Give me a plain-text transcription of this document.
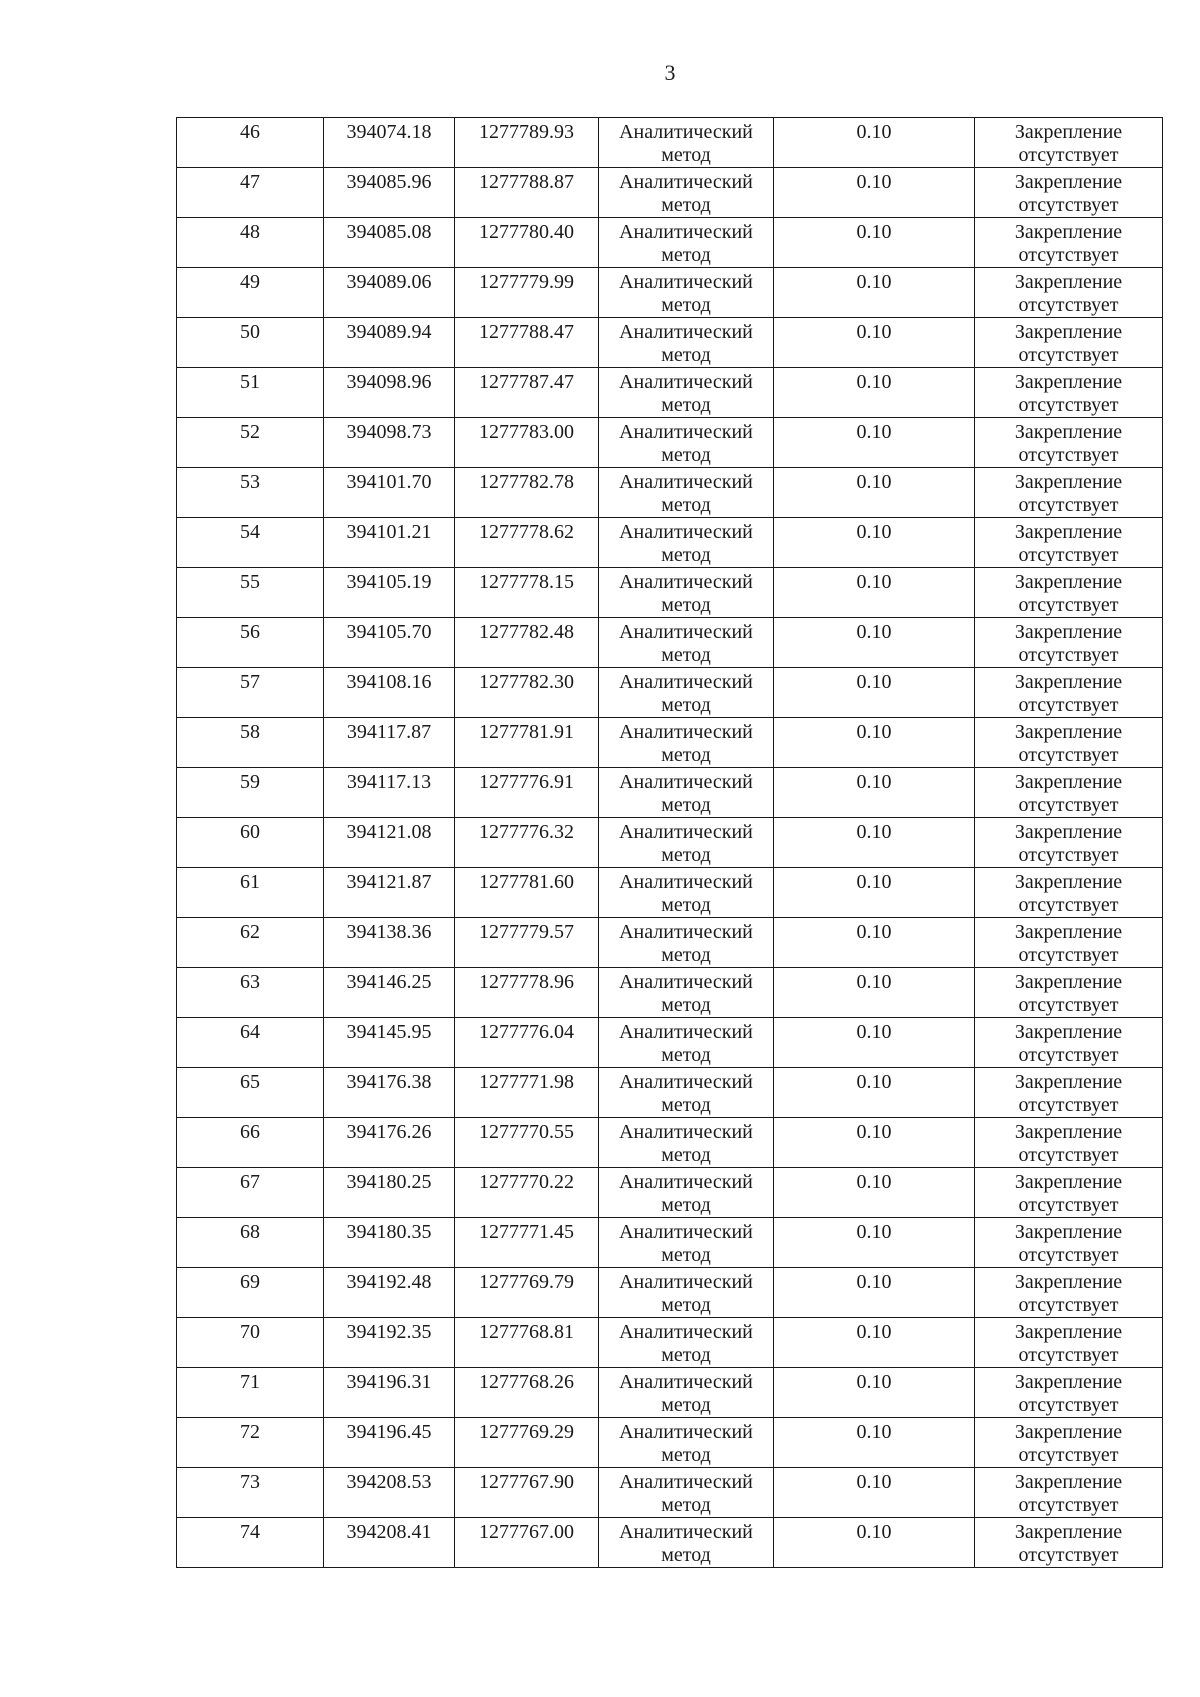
3
46	394074.18	1277789.93	Аналитический
метод	0.10	Закрепление
отсутствует

47	394085.96	1277788.87	Аналитический
метод	0.10	Закрепление
отсутствует

48	394085.08	1277780.40	Аналитический
метод	0.10	Закрепление
отсутствует

49	394089.06	1277779.99	Аналитический
метод	0.10	Закрепление
отсутствует

50	394089.94	1277788.47	Аналитический
метод	0.10	Закрепление
отсутствует

51	394098.96	1277787.47	Аналитический
метод	0.10	Закрепление
отсутствует

52	394098.73	1277783.00	Аналитический
метод	0.10	Закрепление
отсутствует

53	394101.70	1277782.78	Аналитический
метод	0.10	Закрепление
отсутствует

54	394101.21	1277778.62	Аналитический
метод	0.10	Закрепление
отсутствует

55	394105.19	1277778.15	Аналитический
метод	0.10	Закрепление
отсутствует

56	394105.70	1277782.48	Аналитический
метод	0.10	Закрепление
отсутствует

57	394108.16	1277782.30	Аналитический
метод	0.10	Закрепление
отсутствует

58	394117.87	1277781.91	Аналитический
метод	0.10	Закрепление
отсутствует

59	394117.13	1277776.91	Аналитический
метод	0.10	Закрепление
отсутствует

60	394121.08	1277776.32	Аналитический
метод	0.10	Закрепление
отсутствует

61	394121.87	1277781.60	Аналитический
метод	0.10	Закрепление
отсутствует

62	394138.36	1277779.57	Аналитический
метод	0.10	Закрепление
отсутствует

63	394146.25	1277778.96	Аналитический
метод	0.10	Закрепление
отсутствует

64	394145.95	1277776.04	Аналитический
метод	0.10	Закрепление
отсутствует

65	394176.38	1277771.98	Аналитический
метод	0.10	Закрепление
отсутствует

66	394176.26	1277770.55	Аналитический
метод	0.10	Закрепление
отсутствует

67	394180.25	1277770.22	Аналитический
метод	0.10	Закрепление
отсутствует

68	394180.35	1277771.45	Аналитический
метод	0.10	Закрепление
отсутствует

69	394192.48	1277769.79	Аналитический
метод	0.10	Закрепление
отсутствует

70	394192.35	1277768.81	Аналитический
метод	0.10	Закрепление
отсутствует

71	394196.31	1277768.26	Аналитический
метод	0.10	Закрепление
отсутствует

72	394196.45	1277769.29	Аналитический
метод	0.10	Закрепление
отсутствует

73	394208.53	1277767.90	Аналитический
метод	0.10	Закрепление
отсутствует

74	394208.41	1277767.00	Аналитический
метод	0.10	Закрепление
отсутствует
